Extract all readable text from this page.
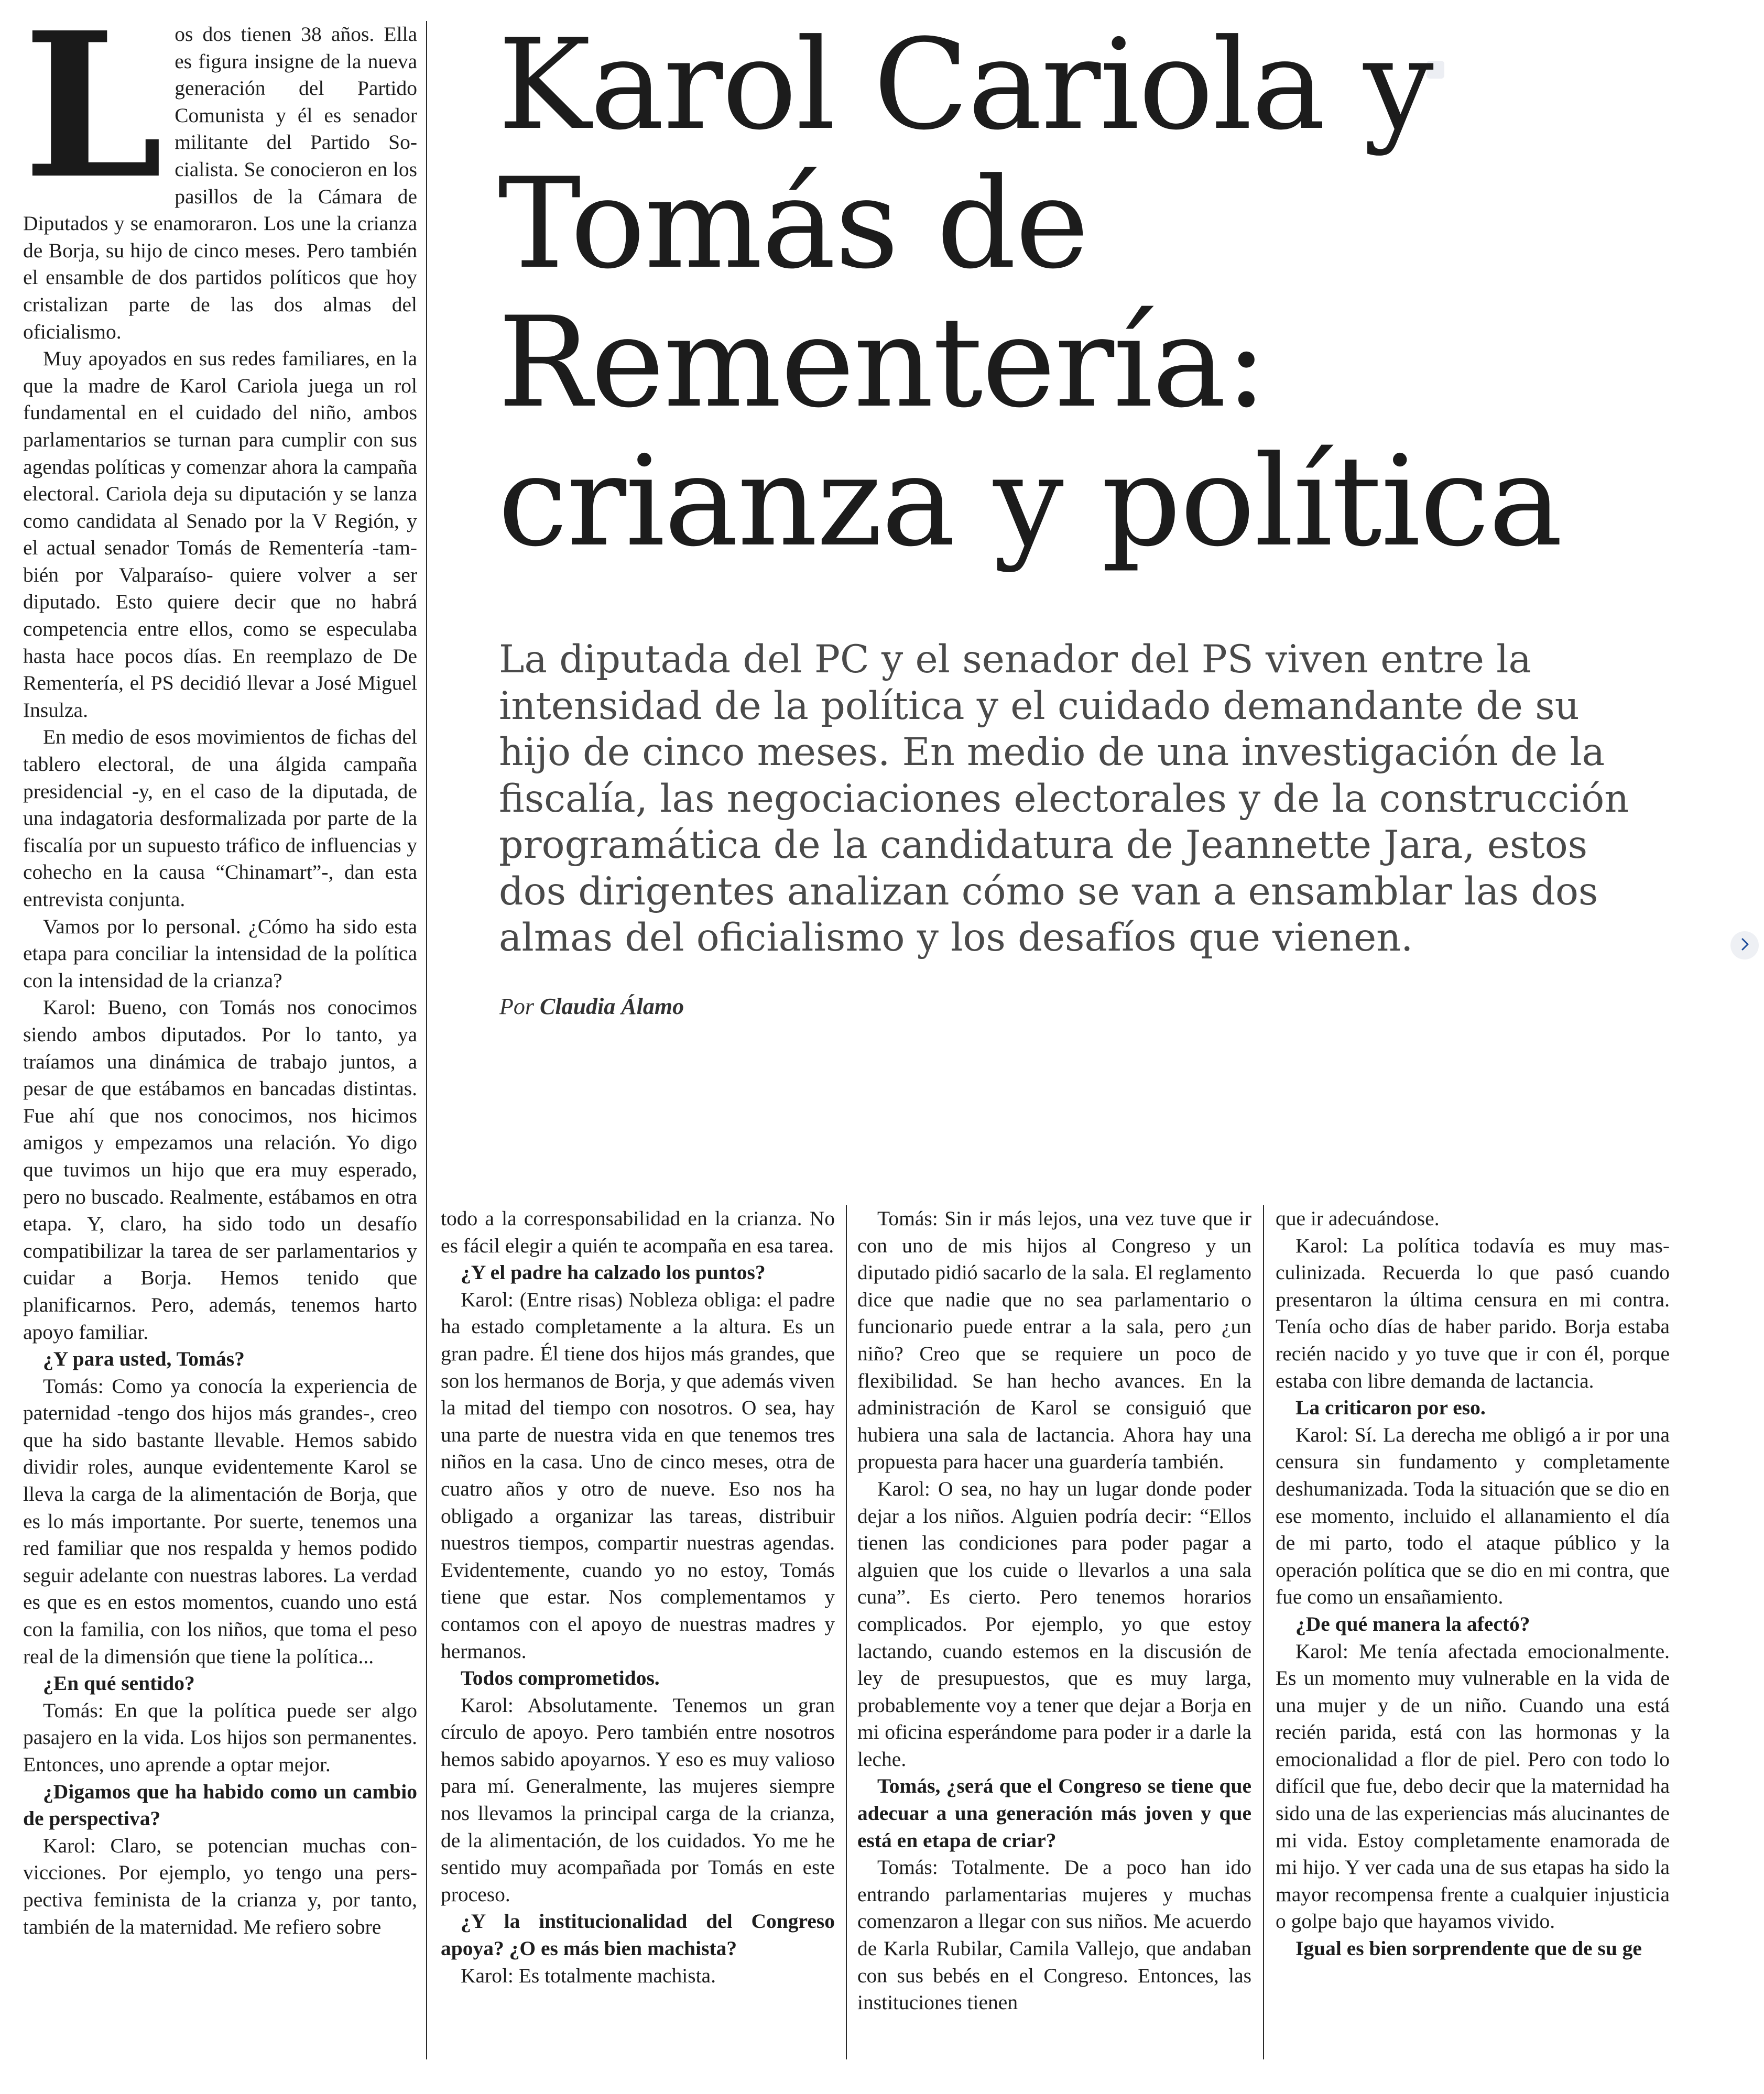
Karol Cariola y Tomás de Rementería: crianza y política

La diputada del PC y el senador del PS viven entre la intensidad de la política y el cuidado demandante de su hijo de cinco meses. En medio de una investigación de la fiscalía, las negociaciones electorales y de la construcción programática de la candidatura de Jeannette Jara, estos dos dirigentes analizan cómo se van a ensamblar las dos almas del oficialismo y los desafíos que vienen.

Por Claudia Álamo
L os dos tienen 38 años. Ella es figura insigne de la nueva generación del Partido Comunista y él es senador militante del Partido Socialista. Se conocieron en los pasillos de la Cámara de Diputados y se enamoraron. Los une la crianza de Borja, su hijo de cinco meses. Pero también el ensamble de dos partidos políticos que hoy cristalizan parte de las dos almas del oficialismo.

Muy apoyados en sus redes familiares, en la que la madre de Karol Cariola juega un rol fundamental en el cuidado del niño, ambos parlamentarios se turnan para cumplir con sus agendas políticas y comenzar ahora la campaña electoral. Cariola deja su diputación y se lanza como candidata al Senado por la V Región, y el actual senador Tomás de Rementería -también por Valparaíso- quiere volver a ser diputado. Esto quiere decir que no habrá competencia entre ellos, como se especulaba hasta hace pocos días. En reemplazo de De Rementería, el PS decidió llevar a José Miguel Insulza.

En medio de esos movimientos de fichas del tablero electoral, de una álgida campaña presidencial -y, en el caso de la diputada, de una indagatoria desformalizada por parte de la fiscalía por un supuesto tráfico de influencias y cohecho en la causa “Chinamart”-, dan esta entrevista conjunta.

Vamos por lo personal. ¿Cómo ha sido esta etapa para conciliar la intensidad de la política con la intensidad de la crianza?

Karol: Bueno, con Tomás nos conocimos siendo ambos diputados. Por lo tanto, ya traíamos una dinámica de trabajo juntos, a pesar de que estábamos en bancadas distintas. Fue ahí que nos conocimos, nos hicimos amigos y empezamos una relación. Yo digo que tuvimos un hijo que era muy esperado, pero no buscado. Realmente, estábamos en otra etapa. Y, claro, ha sido todo un desafío compatibilizar la tarea de ser parlamentarios y cuidar a Borja. Hemos tenido que planificarnos. Pero, además, tenemos harto apoyo familiar.

¿Y para usted, Tomás?

Tomás: Como ya conocía la experiencia de paternidad -tengo dos hijos más grandes-, creo que ha sido bastante llevable. Hemos sabido dividir roles, aunque evidentemente Karol se lleva la carga de la alimentación de Borja, que es lo más importante. Por suerte, tenemos una red familiar que nos respalda y hemos podido seguir adelante con nuestras labores. La verdad es que es en estos momentos, cuando uno está con la familia, con los niños, que toma el peso real de la dimensión que tiene la política...

¿En qué sentido?

Tomás: En que la política puede ser algo pasajero en la vida. Los hijos son permanentes. Entonces, uno aprende a optar mejor.

¿Digamos que ha habido como un cambio de perspectiva?

Karol: Claro, se potencian muchas convicciones. Por ejemplo, yo tengo una perspectiva feminista de la crianza y, por tanto, también de la maternidad. Me refiero sobre

todo a la corresponsabilidad en la crianza. No es fácil elegir a quién te acompaña en esa tarea.

¿Y el padre ha calzado los puntos?

Karol: (Entre risas) Nobleza obliga: el padre ha estado completamente a la altura. Es un gran padre. Él tiene dos hijos más grandes, que son los hermanos de Borja, y que además viven la mitad del tiempo con nosotros. O sea, hay una parte de nuestra vida en que tenemos tres niños en la casa. Uno de cinco meses, otra de cuatro años y otro de nueve. Eso nos ha obligado a organizar las tareas, distribuir nuestros tiempos, compartir nuestras agendas. Evidentemente, cuando yo no estoy, Tomás tiene que estar. Nos complementamos y contamos con el apoyo de nuestras madres y hermanos.

Todos comprometidos.

Karol: Absolutamente. Tenemos un gran círculo de apoyo. Pero también entre nosotros hemos sabido apoyarnos. Y eso es muy valioso para mí. Generalmente, las mujeres siempre nos llevamos la principal carga de la crianza, de la alimentación, de los cuidados. Yo me he sentido muy acompañada por Tomás en este proceso.

¿Y la institucionalidad del Congreso apoya? ¿O es más bien machista?

Karol: Es totalmente machista.

Tomás: Sin ir más lejos, una vez tuve que ir con uno de mis hijos al Congreso y un diputado pidió sacarlo de la sala. El reglamento dice que nadie que no sea parlamentario o funcionario puede entrar a la sala, pero ¿un niño? Creo que se requiere un poco de flexibilidad. Se han hecho avances. En la administración de Karol se consiguió que hubiera una sala de lactancia. Ahora hay una propuesta para hacer una guardería también.

Karol: O sea, no hay un lugar donde poder dejar a los niños. Alguien podría decir: “Ellos tienen las condiciones para poder pagar a alguien que los cuide o llevarlos a una sala cuna”. Es cierto. Pero tenemos horarios complicados. Por ejemplo, yo que estoy lactando, cuando estemos en la discusión de ley de presupuestos, que es muy larga, probablemente voy a tener que dejar a Borja en mi oficina esperándome para poder ir a darle la leche.

Tomás, ¿será que el Congreso se tiene que adecuar a una generación más joven y que está en etapa de criar?

Tomás: Totalmente. De a poco han ido entrando parlamentarias mujeres y muchas comenzaron a llegar con sus niños. Me acuerdo de Karla Rubilar, Camila Vallejo, que andaban con sus bebés en el Congreso. Entonces, las instituciones tienen

que ir adecuándose.

Karol: La política todavía es muy masculinizada. Recuerda lo que pasó cuando presentaron la última censura en mi contra. Tenía ocho días de haber parido. Borja estaba recién nacido y yo tuve que ir con él, porque estaba con libre demanda de lactancia.

La criticaron por eso.

Karol: Sí. La derecha me obligó a ir por una censura sin fundamento y completamente deshumanizada. Toda la situación que se dio en ese momento, incluido el allanamiento el día de mi parto, todo el ataque público y la operación política que se dio en mi contra, que fue como un ensañamiento.

¿De qué manera la afectó?

Karol: Me tenía afectada emocionalmente. Es un momento muy vulnerable en la vida de una mujer y de un niño. Cuando una está recién parida, está con las hormonas y la emocionalidad a flor de piel. Pero con todo lo difícil que fue, debo decir que la maternidad ha sido una de las experiencias más alucinantes de mi vida. Estoy completamente enamorada de mi hijo. Y ver cada una de sus etapas ha sido la mayor recompensa frente a cualquier injusticia o golpe bajo que hayamos vivido.

Igual es bien sorprendente que de su ge
